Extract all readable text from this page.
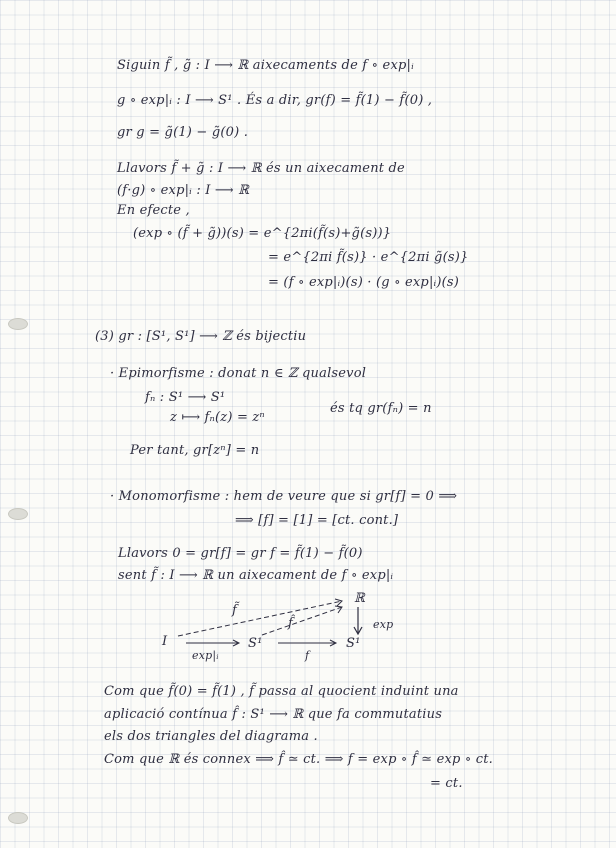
Siguin f̃ , g̃ : I ⟶ ℝ aixecaments de f ∘ exp|ᵢ
g ∘ exp|ᵢ : I ⟶ S¹ . És a dir, gr(f) = f̃(1) − f̃(0) ,
gr g = g̃(1) − g̃(0) .
Llavors f̃ + g̃ : I ⟶ ℝ és un aixecament de
(f·g) ∘ exp|ᵢ : I ⟶ ℝ
En efecte ,
(exp ∘ (f̃ + g̃))(s) = e^{2πi(f̃(s)+g̃(s))}
= e^{2πi f̃(s)} · e^{2πi g̃(s)}
= (f ∘ exp|ᵢ)(s) · (g ∘ exp|ᵢ)(s)
(3) gr : [S¹, S¹] ⟶ ℤ és bijectiu
· Epimorfisme : donat n ∈ ℤ qualsevol
fₙ : S¹ ⟶ S¹
z ⟼ fₙ(z) = zⁿ
és tq gr(fₙ) = n
Per tant, gr[zⁿ] = n
· Monomorfisme : hem de veure que si gr[f] = 0 ⟹
⟹ [f] = [1] = [ct. cont.]
Llavors 0 = gr[f] = gr f = f̃(1) − f̃(0)
sent f̃ : I ⟶ ℝ un aixecament de f ∘ exp|ᵢ
I
ℝ
S¹	S¹
f̃
f̂
exp|ᵢ	f
exp
Com que f̃(0) = f̃(1) , f̃ passa al quocient induint una
aplicació contínua f̂ : S¹ ⟶ ℝ que fa commutatius
els dos triangles del diagrama .
Com que ℝ és connex ⟹ f̂ ≃ ct. ⟹ f = exp ∘ f̂ ≃ exp ∘ ct.
= ct.
